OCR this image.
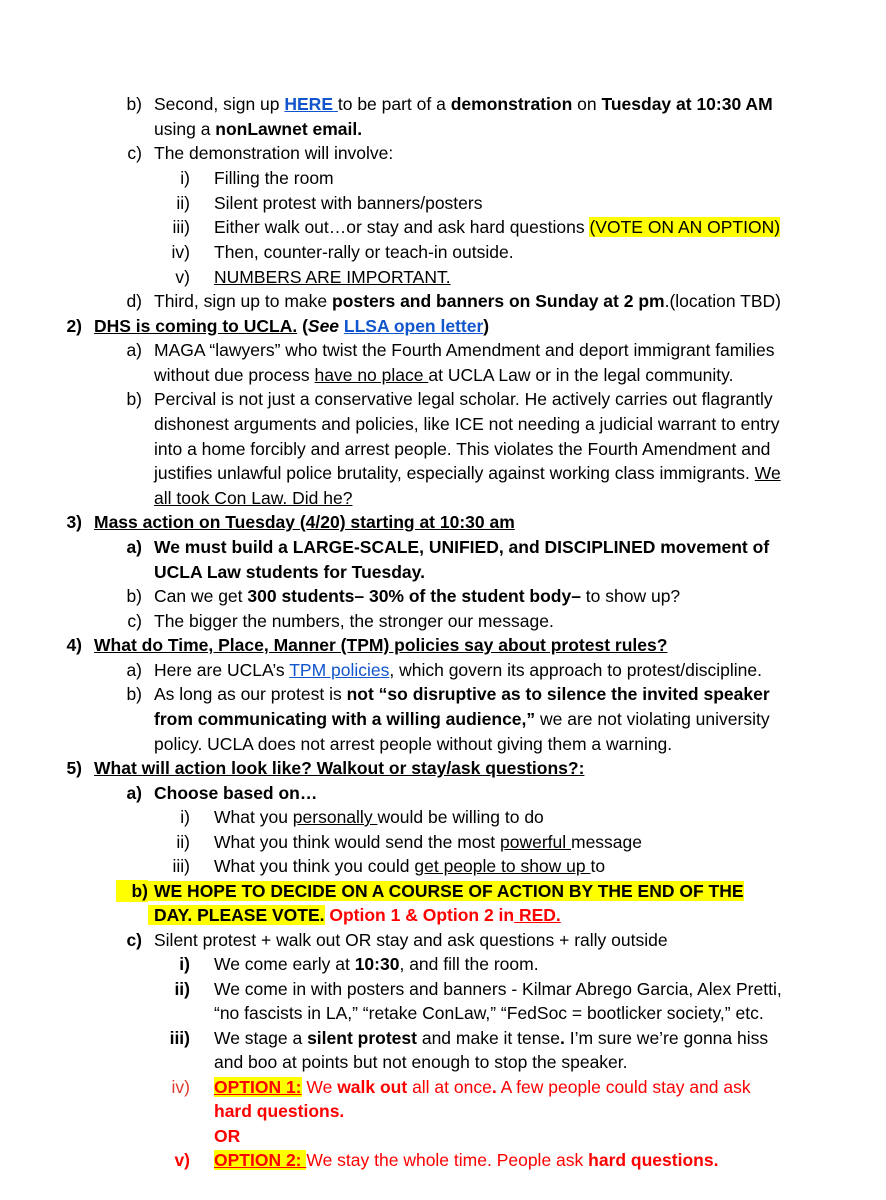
b) Second, sign up HERE to be part of a demonstration on Tuesday at 10:30 AM
using a nonLawnet email.
c) The demonstration will involve:
i) Filling the room
ii) Silent protest with banners/posters
iii) Either walk out…or stay and ask hard questions (VOTE ON AN OPTION)
iv) Then, counter-rally or teach-in outside.
v) NUMBERS ARE IMPORTANT.
d) Third, sign up to make posters and banners on Sunday at 2 pm.(location TBD)
2) DHS is coming to UCLA. (See LLSA open letter)
a) MAGA “lawyers” who twist the Fourth Amendment and deport immigrant families
without due process have no place at UCLA Law or in the legal community.
b) Percival is not just a conservative legal scholar. He actively carries out flagrantly
dishonest arguments and policies, like ICE not needing a judicial warrant to entry
into a home forcibly and arrest people. This violates the Fourth Amendment and
justifies unlawful police brutality, especially against working class immigrants. We
all took Con Law. Did he?
3) Mass action on Tuesday (4/20) starting at 10:30 am
a) We must build a LARGE-SCALE, UNIFIED, and DISCIPLINED movement of
UCLA Law students for Tuesday.
b) Can we get 300 students– 30% of the student body– to show up?
c) The bigger the numbers, the stronger our message.
4) What do Time, Place, Manner (TPM) policies say about protest rules?
a) Here are UCLA’s TPM policies, which govern its approach to protest/discipline.
b) As long as our protest is not “so disruptive as to silence the invited speaker
from communicating with a willing audience,” we are not violating university
policy. UCLA does not arrest people without giving them a warning.
5) What will action look like? Walkout or stay/ask questions?:
a) Choose based on…
i) What you personally would be willing to do
ii) What you think would send the most powerful message
iii) What you think you could get people to show up to
b) WE HOPE TO DECIDE ON A COURSE OF ACTION BY THE END OF THE
DAY. PLEASE VOTE. Option 1 & Option 2 in RED.
c) Silent protest + walk out OR stay and ask questions + rally outside
i) We come early at 10:30, and fill the room.
ii) We come in with posters and banners - Kilmar Abrego Garcia, Alex Pretti,
“no fascists in LA,” “retake ConLaw,” “FedSoc = bootlicker society,” etc.
iii) We stage a silent protest and make it tense. I’m sure we’re gonna hiss
and boo at points but not enough to stop the speaker.
iv) OPTION 1: We walk out all at once. A few people could stay and ask
hard questions.
OR
v) OPTION 2: We stay the whole time. People ask hard questions.
